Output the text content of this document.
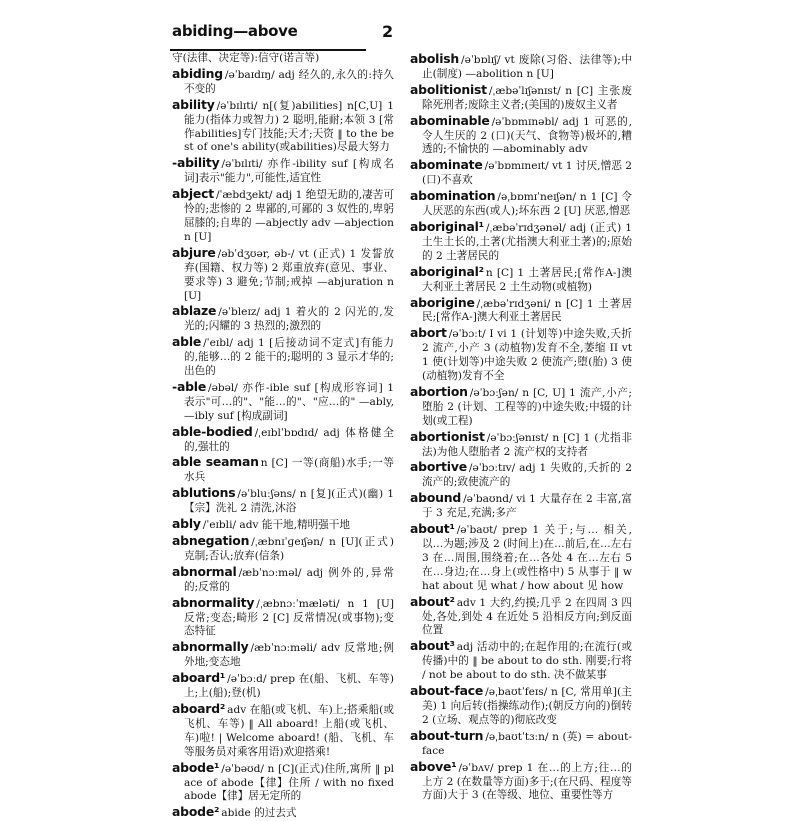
abiding—above	2
守(法律、决定等):信守(诺言等)
abiding /əˈbaɪdɪŋ/ adj 经久的,永久的:持久不变的
ability /əˈbɪlɪti/ n[(复)abilities] n[C,U] 1 能力(指体力或智力) 2 聪明,能耐;本领 3 [常作abilities]专门技能;天才;天资 ‖ to the best of one's ability(或abilities)尽最大努力
-ability /əˈbɪlɪti/ 亦作-ibility suf [构成名词]表示"能力",可能性,适宜性
abject /ˈæbdʒekt/ adj 1 绝望无助的,凄苦可怜的;悲惨的 2 卑鄙的,可鄙的 3 奴性的,卑躬屈膝的;自卑的 —abjectly adv —abjection n [U]
abjure /əbˈdʒʊər, əb-/ vt (正式) 1 发誓放弃(国籍、权力等) 2 郑重放弃(意见、事业、要求等) 3 避免;节制;戒掉 —abjuration n [U]
ablaze /əˈbleɪz/ adj 1 着火的 2 闪光的,发光的;闪耀的 3 热烈的;激烈的
able /ˈeɪbl/ adj 1 [后接动词不定式]有能力的,能够…的 2 能干的;聪明的 3 显示才华的;出色的
-able /əbəl/ 亦作-ible suf [构成形容词] 1 表示"可…的"、"能…的"、"应…的" —ably, —ibly suf [构成副词]
able-bodied /ˌeɪblˈbɒdɪd/ adj 体格健全的,强壮的
able seaman n [C] 一等(商船)水手;一等水兵
ablutions /əˈbluːʃəns/ n [复](正式)(幽) 1【宗】洗礼 2 清洗,沐浴
ably /ˈeɪbli/ adv 能干地,精明强干地
abnegation /ˌæbnɪˈɡeɪʃən/ n [U](正式)克制;否认;放弃(信条)
abnormal /æbˈnɔːməl/ adj 例外的,异常的;反常的
abnormality /ˌæbnɔːˈmæləti/ n 1 [U] 反常;变态;畸形 2 [C] 反常情况(或事物);变态特征
abnormally /æbˈnɔːməli/ adv 反常地;例外地;变态地
aboard¹ /əˈbɔːd/ prep 在(船、飞机、车等)上;上(船);登(机)
aboard² adv 在船(或飞机、车)上;搭乘船(或飞机、车等) ‖ All aboard! 上船(或飞机、车)啦! | Welcome aboard! (船、飞机、车等服务员对乘客用语)欢迎搭乘!
abode¹ /əˈbəʊd/ n [C](正式)住所,寓所 ‖ place of abode【律】住所 / with no fixed abode【律】居无定所的
abode² abide 的过去式
abolish /əˈbɒlɪʃ/ vt 废除(习俗、法律等);中止(制度) —abolition n [U]
abolitionist /ˌæbəˈlɪʃənɪst/ n [C] 主张废除死刑者;废除主义者;(美国的)废奴主义者
abominable /əˈbɒmɪnəbl/ adj 1 可恶的,令人生厌的 2 (口)(天气、食物等)极坏的,糟透的;不愉快的 —abominably adv
abominate /əˈbɒmɪneɪt/ vt 1 讨厌,憎恶 2 (口)不喜欢
abomination /əˌbɒmɪˈneɪʃən/ n 1 [C] 令人厌恶的东西(或人);坏东西 2 [U] 厌恶,憎恶
aboriginal¹ /ˌæbəˈrɪdʒənəl/ adj (正式) 1 土生土长的,土著(尤指澳大利亚土著)的;原始的 2 土著居民的
aboriginal² n [C] 1 土著居民;[常作A-]澳大利亚土著居民 2 土生动物(或植物)
aborigine /ˌæbəˈrɪdʒəni/ n [C] 1 土著居民;[常作A-]澳大利亚土著居民
abort /əˈbɔːt/ I vi 1 (计划等)中途失败,夭折 2 流产,小产 3 (动植物)发育不全,萎缩 II vt 1 使(计划等)中途失败 2 使流产;堕(胎) 3 使(动植物)发育不全
abortion /əˈbɔːʃən/ n [C, U] 1 流产,小产;堕胎 2 (计划、工程等的)中途失败;中辍的计划(或工程)
abortionist /əˈbɔːʃənɪst/ n [C] 1 (尤指非法)为他人堕胎者 2 流产权的支持者
abortive /əˈbɔːtɪv/ adj 1 失败的,夭折的 2 流产的;致使流产的
abound /əˈbaʊnd/ vi 1 大量存在 2 丰富,富于 3 充足,充满;多产
about¹ /əˈbaʊt/ prep 1 关于;与… 相关,以…为题;涉及 2 (时间上)在…前后,在…左右 3 在…周围,围绕着;在…各处 4 在…左右 5 在…身边;在…身上(或性格中) 5 从事于 ‖ what about 见 what / how about 见 how
about² adv 1 大约,约摸;几乎 2 在四周 3 四处,各处,到处 4 在近处 5 沿相反方向;到反面位置
about³ adj 活动中的;在起作用的;在流行(或传播)中的 ‖ be about to do sth. 刚要;行将 / not be about to do sth. 决不做某事
about-face /əˌbaʊtˈfeɪs/ n [C, 常用单](主美) 1 向后转(指操练动作);(朝反方向的)倒转 2 (立场、观点等的)彻底改变
about-turn /əˌbaʊtˈtɜːn/ n (英) = about-face
above¹ /əˈbʌv/ prep 1 在…的上方;往…的上方 2 (在数量等方面)多于;(在尺码、程度等方面)大于 3 (在等级、地位、重要性等方
